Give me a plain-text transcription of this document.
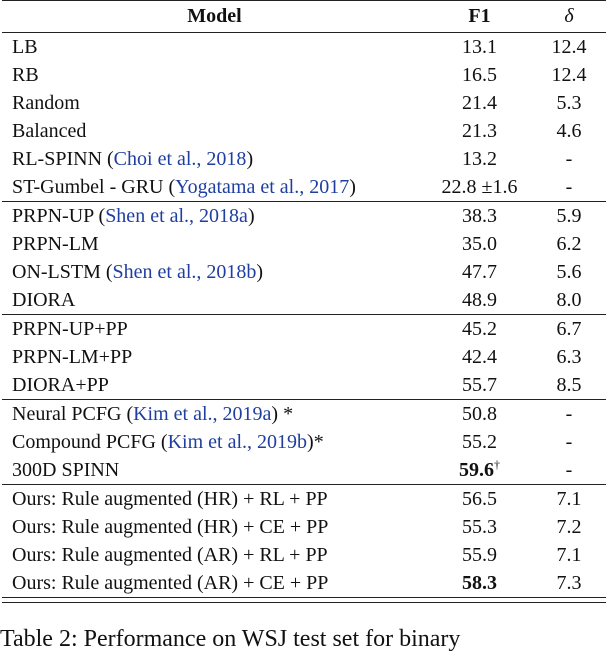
Model	F1	δ
LB	13.1	12.4
RB	16.5	12.4
Random	21.4	5.3
Balanced	21.3	4.6
RL-SPINN (Choi et al., 2018)	13.2	-
ST-Gumbel - GRU (Yogatama et al., 2017)	22.8 ±1.6	-
PRPN-UP (Shen et al., 2018a)	38.3	5.9
PRPN-LM	35.0	6.2
ON-LSTM (Shen et al., 2018b)	47.7	5.6
DIORA	48.9	8.0
PRPN-UP+PP	45.2	6.7
PRPN-LM+PP	42.4	6.3
DIORA+PP	55.7	8.5
Neural PCFG (Kim et al., 2019a) *	50.8	-
Compound PCFG (Kim et al., 2019b)*	55.2	-
300D SPINN	59.6†	-
Ours: Rule augmented (HR) + RL + PP	56.5	7.1
Ours: Rule augmented (HR) + CE + PP	55.3	7.2
Ours: Rule augmented (AR) + RL + PP	55.9	7.1
Ours: Rule augmented (AR) + CE + PP	58.3	7.3
Table 2: Performance on WSJ test set for binary
